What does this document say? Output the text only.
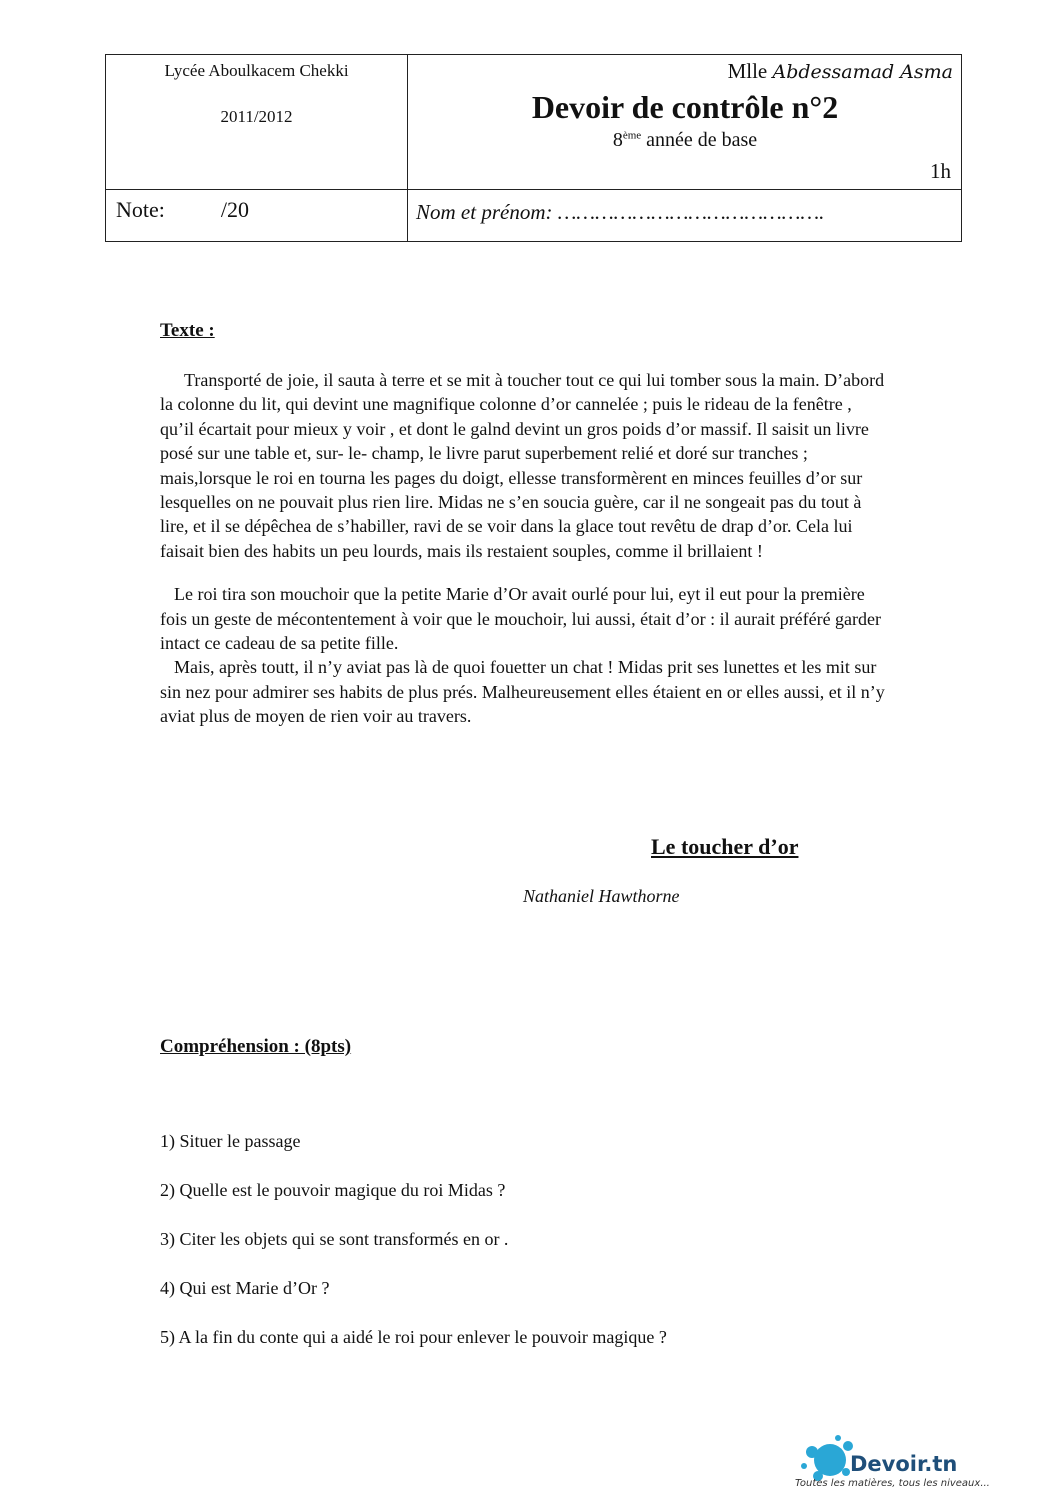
Lycée Aboulkacem Chekki
2011/2012
Mlle Abdessamad Asma
Devoir de contrôle n°2
8ème année de base
1h
Note:	/20	Nom et prénom: …………………………………….
Texte :

Transporté de joie, il sauta à terre et se mit à toucher tout ce qui lui tomber sous la main. D’abord la colonne du lit, qui devint une magnifique colonne d’or cannelée ; puis le rideau de la fenêtre , qu’il écartait pour mieux y voir , et dont le galnd devint un gros poids d’or massif. Il saisit un livre posé sur une table et, sur- le- champ, le livre parut superbement relié et doré sur tranches ; mais,lorsque le roi en tourna les pages du doigt, ellesse transformèrent en minces feuilles d’or sur lesquelles on ne pouvait plus rien lire. Midas ne s’en soucia guère, car il ne songeait pas du tout à lire, et il se dépêchea de s’habiller, ravi de se voir dans la glace tout revêtu de drap d’or. Cela lui faisait bien des habits un peu lourds, mais ils restaient souples, comme il brillaient !

Le roi tira son mouchoir que la petite Marie d’Or avait ourlé pour lui, eyt il eut pour la première fois un geste de mécontentement à voir que le mouchoir, lui aussi, était d’or : il aurait préféré garder intact ce cadeau de sa petite fille.

Mais, après toutt, il n’y aviat pas là de quoi fouetter un chat ! Midas prit ses lunettes et les mit sur sin nez pour admirer ses habits de plus prés. Malheureusement elles étaient en or elles aussi, et il n’y aviat plus de moyen de rien voir au travers.

Le toucher d’or
Nathaniel Hawthorne
Compréhension : (8pts)

1) Situer le passage

2) Quelle est le pouvoir magique du roi Midas ?

3) Citer les objets qui se sont transformés en or .

4) Qui est Marie d’Or ?

5) A la fin du conte qui a aidé le roi pour enlever le pouvoir magique ?

Devoir.tn
Toutes les matières, tous les niveaux...
